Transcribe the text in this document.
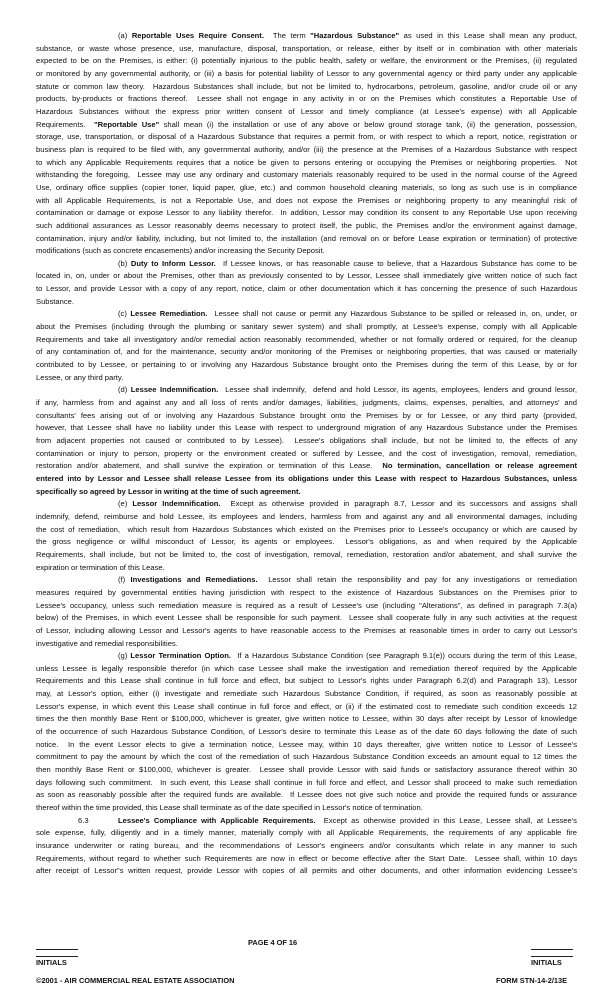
(a) Reportable Uses Require Consent.  The term "Hazardous Substance" as used in this Lease shall mean any product,
substance, or waste whose presence, use, manufacture, disposal, transportation, or release, either by itself or in combination with other materials
expected to be on the Premises, is either: (i) potentially injurious to the public health, safety or welfare, the environment or the Premises, (ii) regulated
or monitored by any governmental authority, or (iii) a basis for potential liability of Lessor to any governmental agency or third party under any applicable
statute or common law theory.  Hazardous Substances shall include, but not be limited to, hydrocarbons, petroleum, gasoline, and/or crude oil or any
products, by-products or fractions thereof.  Lessee shall not engage in any activity in or on the Premises which constitutes a Reportable Use of
Hazardous Substances without the express prior written consent of Lessor and timely compliance (at Lessee's expense) with all Applicable
Requirements.  "Reportable Use" shall mean (i) the installation or use of any above or below ground storage tank, (ii) the generation, possession,
storage, use, transportation, or disposal of a Hazardous Substance that requires a permit from, or with respect to which a report, notice, registration or
business plan is required to be filed with, any governmental authority, and/or (iii) the presence at the Premises of a Hazardous Substance with respect
to which any Applicable Requirements requires that a notice be given to persons entering or occupying the Premises or neighboring properties.  Not
withstanding the foregoing,  Lessee may use any ordinary and customary materials reasonably required to be used in the normal course of the Agreed
Use, ordinary office supplies (copier toner, liquid paper, glue, etc.) and common household cleaning materials, so long as such use is in compliance
with all Applicable Requirements, is not a Reportable Use, and does not expose the Premises or neighboring property to any meaningful risk of
contamination or damage or expose Lessor to any liability therefor.  In addition, Lessor may condition its consent to any Reportable Use upon receiving
such additional assurances as Lessor reasonably deems necessary to protect itself, the public, the Premises and/or the environment against damage,
contamination, injury and/or liability, including, but not limited to, the installation (and removal on or before Lease expiration or termination) of protective
modifications (such as concrete encasements) and/or increasing the Security Deposit.
(b) Duty to Inform Lessor.  If Lessee knows, or has reasonable cause to believe, that a Hazardous Substance has come to be
located in, on, under or about the Premises, other than as previously consented to by Lessor, Lessee shall immediately give written notice of such fact
to Lessor, and provide Lessor with a copy of any report, notice, claim or other documentation which it has concerning the presence of such Hazardous
Substance.
(c) Lessee Remediation.  Lessee shall not cause or permit any Hazardous Substance to be spilled or released in, on, under, or
about the Premises (including through the plumbing or sanitary sewer system) and shall promptly, at Lessee's expense, comply with all Applicable
Requirements and take all investigatory and/or remedial action reasonably recommended, whether or not formally ordered or required, for the cleanup
of any contamination of, and for the maintenance, security and/or monitoring of the Premises or neighboring properties, that was caused or materially
contributed to by Lessee, or pertaining to or involving any Hazardous Substance brought onto the Premises during the term of this Lease, by or for
Lessee, or any third party.
(d) Lessee Indemnification.  Lessee shall indemnify,  defend and hold Lessor, its agents, employees, lenders and ground lessor,
if any, harmless from and against any and all loss of rents and/or damages, liabilities, judgments, claims, expenses, penalties, and attorneys' and
consultants' fees arising out of or involving any Hazardous Substance brought onto the Premises by or for Lessee, or any third party (provided,
however, that Lessee shall have no liability under this Lease with respect to underground migration of any Hazardous Substance under the Premises
from adjacent properties not caused or contributed to by Lessee).  Lessee's obligations shall include, but not be limited to, the effects of any
contamination or injury to person, property or the environment created or suffered by Lessee, and the cost of investigation, removal, remediation,
restoration and/or abatement, and shall survive the expiration or termination of this Lease.  No termination, cancellation or release agreement
entered into by Lessor and Lessee shall release Lessee from its obligations under this Lease with respect to Hazardous Substances, unless
specifically so agreed by Lessor in writing at the time of such agreement.
(e) Lessor Indemnification.  Except as otherwise provided in paragraph 8.7, Lessor and its successors and assigns shall
indemnify, defend, reimburse and hold Lessee, its employees and lenders, harmless from and against any and all environmental damages, including
the cost of remediation,  which result from Hazardous Substances which existed on the Premises prior to Lessee's occupancy or which are caused by
the gross negligence or willful misconduct of Lessor, its agents or employees.  Lessor's obligations, as and when required by the Applicable
Requirements, shall include, but not be limited to, the cost of investigation, removal, remediation, restoration and/or abatement, and shall survive the
expiration or termination of this Lease.
(f) Investigations and Remediations.  Lessor shall retain the responsibility and pay for any investigations or remediation
measures required by governmental entities having jurisdiction with respect to the existence of Hazardous Substances on the Premises prior to
Lessee's occupancy, unless such remediation measure is required as a result of Lessee's use (including "Alterations", as defined in paragraph 7.3(a)
below) of the Premises, in which event Lessee shall be responsible for such payment.  Lessee shall cooperate fully in any such activities at the request
of Lessor, including allowing Lessor and Lessor's agents to have reasonable access to the Premises at reasonable times in order to carry out Lessor's
investigative and remedial responsibilities.
(g) Lessor Termination Option.  If a Hazardous Substance Condition (see Paragraph 9.1(e)) occurs during the term of this Lease,
unless Lessee is legally responsible therefor (in which case Lessee shall make the investigation and remediation thereof required by the Applicable
Requirements and this Lease shall continue in full force and effect, but subject to Lessor's rights under Paragraph 6.2(d) and Paragraph 13), Lessor
may, at Lessor's option, either (i) investigate and remediate such Hazardous Substance Condition, if required, as soon as reasonably possible at
Lessor's expense, in which event this Lease shall continue in full force and effect, or (ii) if the estimated cost to remediate such condition exceeds 12
times the then monthly Base Rent or $100,000, whichever is greater, give written notice to Lessee, within 30 days after receipt by Lessor of knowledge
of the occurrence of such Hazardous Substance Condition, of Lessor's desire to terminate this Lease as of the date 60 days following the date of such
notice.  In the event Lessor elects to give a termination notice, Lessee may, within 10 days thereafter, give written notice to Lessor of Lessee's
commitment to pay the amount by which the cost of the remediation of such Hazardous Substance Condition exceeds an amount equal to 12 times the
then monthly Base Rent or $100,000, whichever is greater.  Lessee shall provide Lessor with said funds or satisfactory assurance thereof within 30
days following such commitment.  In such event, this Lease shall continue in full force and effect, and Lessor shall proceed to make such remediation
as soon as reasonably possible after the required funds are available.  If Lessee does not give such notice and provide the required funds or assurance
thereof within the time provided, this Lease shall terminate as of the date specified in Lessor's notice of termination.
6.3	Lessee's Compliance with Applicable Requirements.  Except as otherwise provided in this Lease, Lessee shall, at Lessee's
sole expense, fully, diligently and in a timely manner, materially comply with all Applicable Requirements, the requirements of any applicable fire
insurance underwriter or rating bureau, and the recommendations of Lessor's engineers and/or consultants which relate in any manner to such
Requirements, without regard to whether such Requirements are now in effect or become effective after the Start Date.  Lessee shall, within 10 days
after receipt of Lessor"s written request, provide Lessor with copies of all permits and other documents, and other information evidencing Lessee's
PAGE 4 OF 16
INITIALS	INITIALS
©2001 - AIR COMMERCIAL REAL ESTATE ASSOCIATION	FORM STN-14-2/13E
